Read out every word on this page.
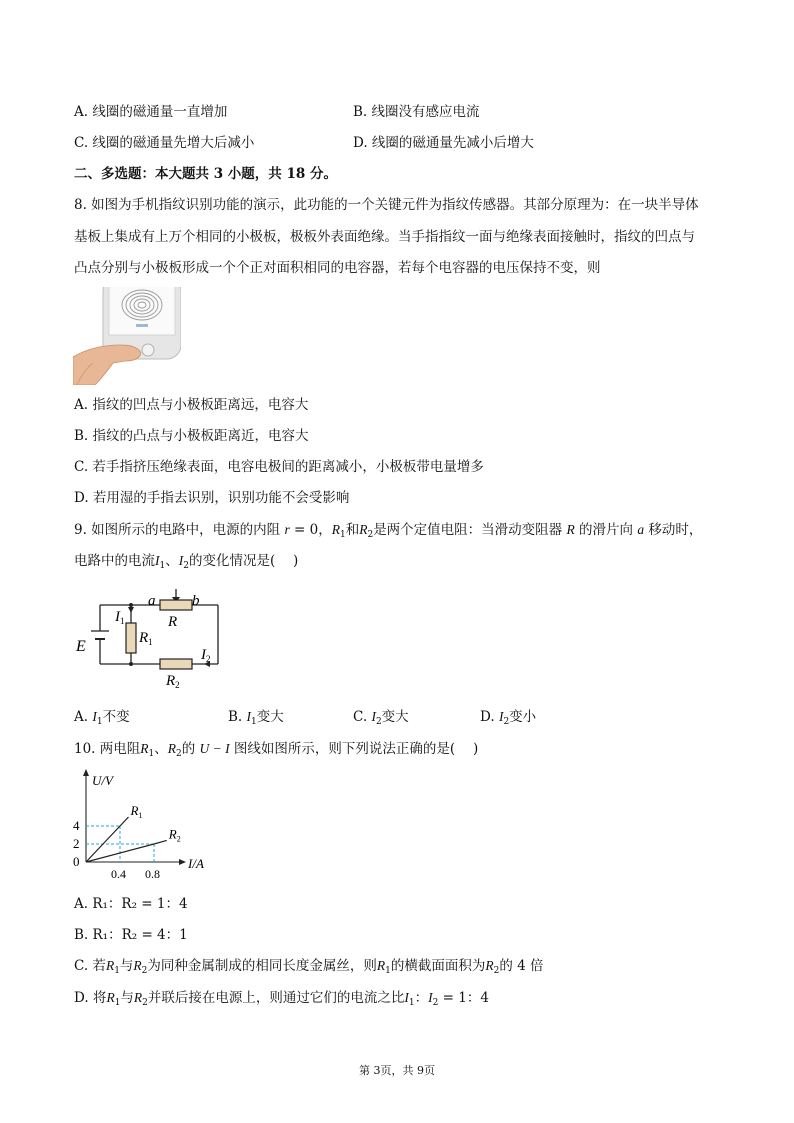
A. 线圈的磁通量一直增加	B. 线圈没有感应电流
C. 线圈的磁通量先增大后减小	D. 线圈的磁通量先减小后增大
二、多选题：本大题共 3 小题，共 18 分。
8. 如图为手机指纹识别功能的演示，此功能的一个关键元件为指纹传感器。其部分原理为：在一块半导体
基板上集成有上万个相同的小极板，极板外表面绝缘。当手指指纹一面与绝缘表面接触时，指纹的凹点与
凸点分别与小极板形成一个个正对面积相同的电容器，若每个电容器的电压保持不变，则
A. 指纹的凹点与小极板距离远，电容大
B. 指纹的凸点与小极板距离近，电容大
C. 若手指挤压绝缘表面，电容电极间的距离减小，小极板带电量增多
D. 若用湿的手指去识别，识别功能不会受影响
9. 如图所示的电路中，电源的内阻 r = 0，$R_1$和$R_2$是两个定值电阻：当滑动变阻器 R 的滑片向 a 移动时，
电路中的电流$I_1$、$I_2$的变化情况是(　 )
E
a b
R
$I_1$
$R_1$
$I_2$
$R_2$
A. $I_1$不变	B. $I_1$变大	C. $I_2$变大	D. $I_2$变小
10. 两电阻$R_1$、$R_2$的 U − I 图线如图所示，则下列说法正确的是(　 )
$R_1$
$R_2$
0
2
4
0.4 0.8
U/V
I/A
A. R₁：R₂ = 1：4
B. R₁：R₂ = 4：1
C. 若$R_1$与$R_2$为同种金属制成的相同长度金属丝，则$R_1$的横截面面积为$R_2$的 4 倍
D. 将$R_1$与$R_2$并联后接在电源上，则通过它们的电流之比$I_1$：$I_2 = 1$：4
第 3页，共 9页
